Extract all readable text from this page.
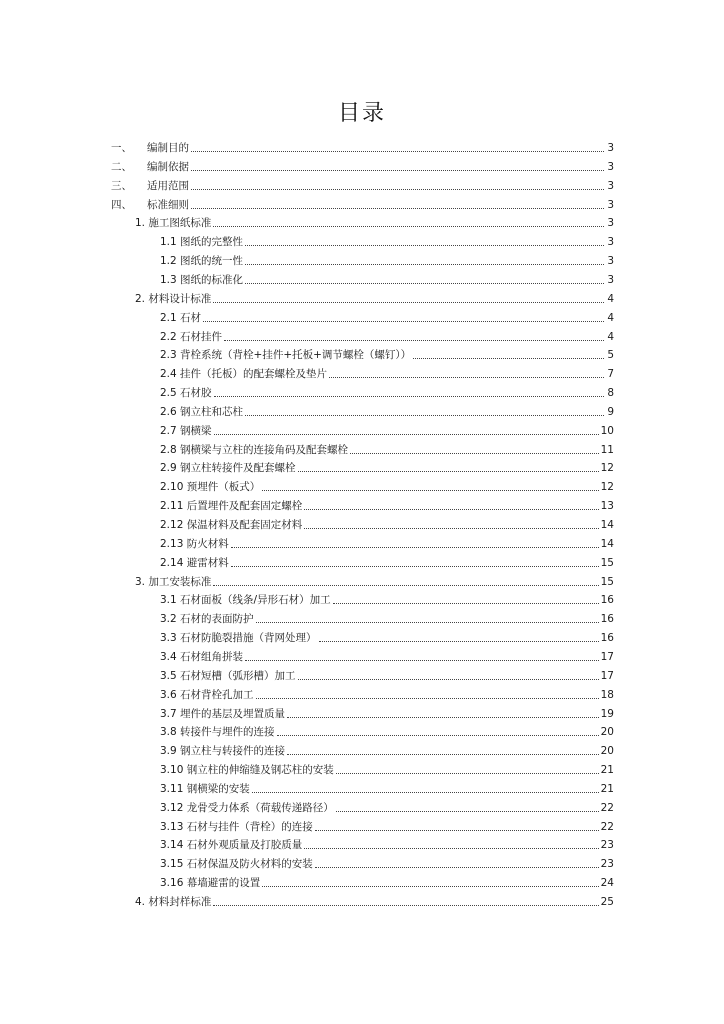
目录
一、	编制目的	3
二、	编制依据	3
三、	适用范围	3
四、	标准细则	3
1. 施工图纸标准	3
1.1 图纸的完整性	3
1.2 图纸的统一性	3
1.3 图纸的标准化	3
2. 材料设计标准	4
2.1 石材	4
2.2 石材挂件	4
2.3 背栓系统（背栓+挂件+托板+调节螺栓（螺钉））	5
2.4 挂件（托板）的配套螺栓及垫片	7
2.5 石材胶	8
2.6 钢立柱和芯柱	9
2.7 钢横梁	10
2.8 钢横梁与立柱的连接角码及配套螺栓	11
2.9 钢立柱转接件及配套螺栓	12
2.10 预埋件（板式）	12
2.11 后置埋件及配套固定螺栓	13
2.12 保温材料及配套固定材料	14
2.13 防火材料	14
2.14 避雷材料	15
3. 加工安装标准	15
3.1 石材面板（线条/异形石材）加工	16
3.2 石材的表面防护	16
3.3 石材防脆裂措施（背网处理）	16
3.4 石材组角拼装	17
3.5 石材短槽（弧形槽）加工	17
3.6 石材背栓孔加工	18
3.7 埋件的基层及埋置质量	19
3.8 转接件与埋件的连接	20
3.9 钢立柱与转接件的连接	20
3.10 钢立柱的伸缩缝及钢芯柱的安装	21
3.11 钢横梁的安装	21
3.12 龙骨受力体系（荷载传递路径）	22
3.13 石材与挂件（背栓）的连接	22
3.14 石材外观质量及打胶质量	23
3.15 石材保温及防火材料的安装	23
3.16 幕墙避雷的设置	24
4. 材料封样标准	25
